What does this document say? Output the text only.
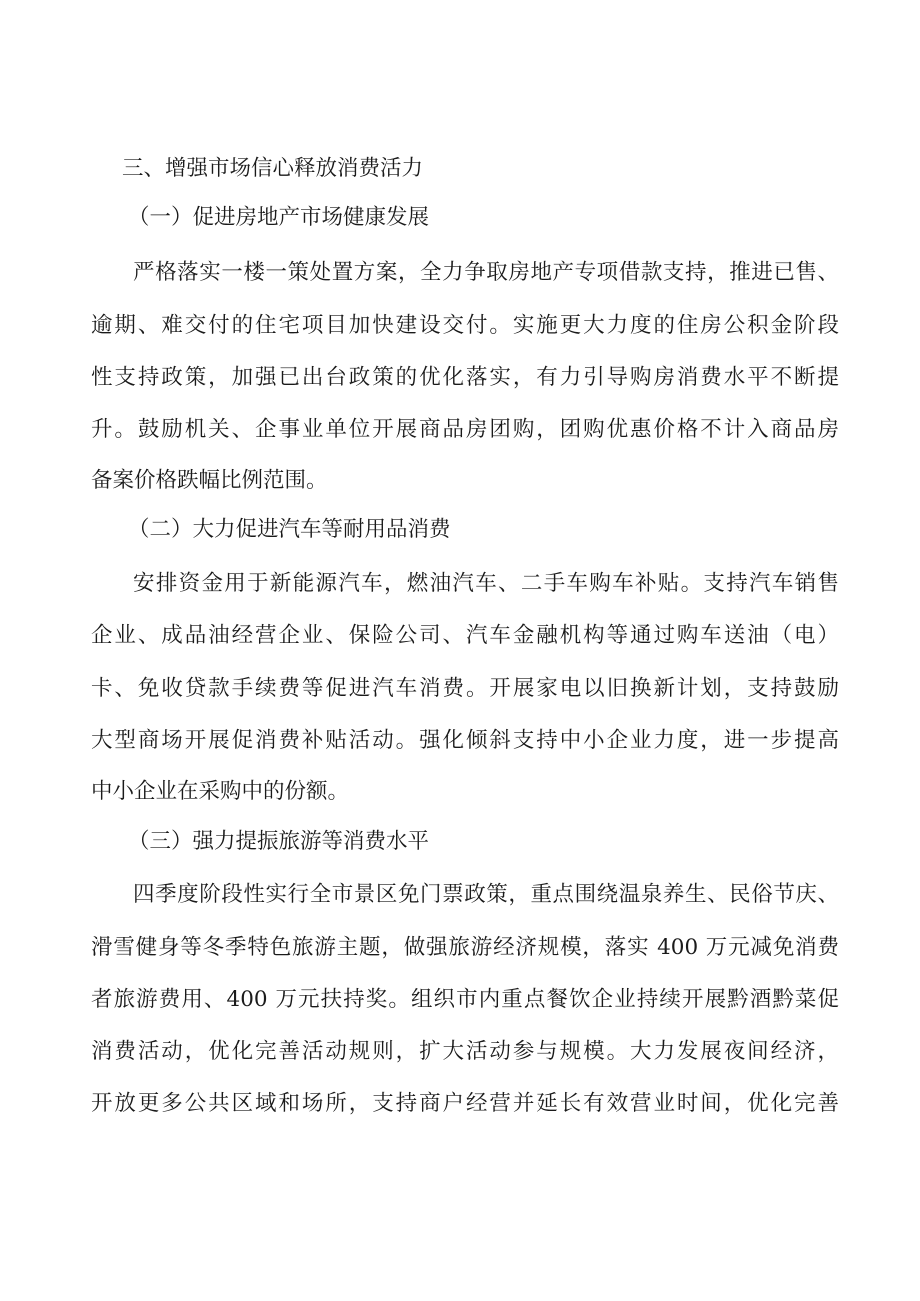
三、增强市场信心释放消费活力
（一）促进房地产市场健康发展
严格落实一楼一策处置方案，全力争取房地产专项借款支持，推进已售、
逾期、难交付的住宅项目加快建设交付。实施更大力度的住房公积金阶段
性支持政策，加强已出台政策的优化落实，有力引导购房消费水平不断提
升。鼓励机关、企事业单位开展商品房团购，团购优惠价格不计入商品房
备案价格跌幅比例范围。
（二）大力促进汽车等耐用品消费
安排资金用于新能源汽车，燃油汽车、二手车购车补贴。支持汽车销售
企业、成品油经营企业、保险公司、汽车金融机构等通过购车送油（电）
卡、免收贷款手续费等促进汽车消费。开展家电以旧换新计划，支持鼓励
大型商场开展促消费补贴活动。强化倾斜支持中小企业力度，进一步提高
中小企业在采购中的份额。
（三）强力提振旅游等消费水平
四季度阶段性实行全市景区免门票政策，重点围绕温泉养生、民俗节庆、
滑雪健身等冬季特色旅游主题，做强旅游经济规模，落实 400 万元减免消费
者旅游费用、400 万元扶持奖。组织市内重点餐饮企业持续开展黔酒黔菜促
消费活动，优化完善活动规则，扩大活动参与规模。大力发展夜间经济，
开放更多公共区域和场所，支持商户经营并延长有效营业时间，优化完善
